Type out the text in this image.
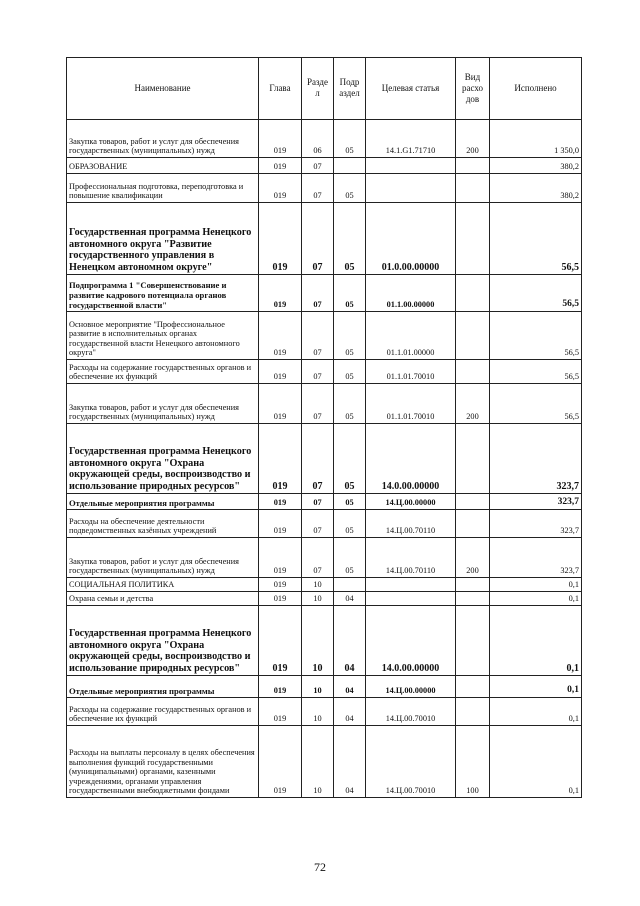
Наименование	Глава	Разде л	Подр аздел	Целевая статья	Вид расхо дов	Исполнено
Закупка товаров, работ и услуг для обеспечения государственных (муниципальных) нужд	019	06	05	14.1.G1.71710	200	1 350,0
ОБРАЗОВАНИЕ	019	07				380,2
Профессиональная подготовка, переподготовка и повышение квалификации	019	07	05			380,2
Государственная программа Ненецкого автономного округа "Развитие государственного управления в Ненецком автономном округе"	019	07	05	01.0.00.00000		56,5
Подпрограмма 1 "Совершенствование и развитие кадрового потенциала органов государственной власти"	019	07	05	01.1.00.00000		56,5
Основное мероприятие "Профессиональное развитие в исполнительных органах государственной власти Ненецкого автономного округа"	019	07	05	01.1.01.00000		56,5
Расходы на содержание государственных органов и обеспечение их функций	019	07	05	01.1.01.70010		56,5
Закупка товаров, работ и услуг для обеспечения государственных (муниципальных) нужд	019	07	05	01.1.01.70010	200	56,5
Государственная программа Ненецкого автономного округа "Охрана окружающей среды, воспроизводство и использование природных ресурсов"	019	07	05	14.0.00.00000		323,7
Отдельные мероприятия программы	019	07	05	14.Ц.00.00000		323,7
Расходы на обеспечение деятельности подведомственных казённых учреждений	019	07	05	14.Ц.00.70110		323,7
Закупка товаров, работ и услуг для обеспечения государственных (муниципальных) нужд	019	07	05	14.Ц.00.70110	200	323,7
СОЦИАЛЬНАЯ ПОЛИТИКА	019	10				0,1
Охрана семьи и детства	019	10	04			0,1
Государственная программа Ненецкого автономного округа "Охрана окружающей среды, воспроизводство и использование природных ресурсов"	019	10	04	14.0.00.00000		0,1
Отдельные мероприятия программы	019	10	04	14.Ц.00.00000		0,1
Расходы на содержание государственных органов и обеспечение их функций	019	10	04	14.Ц.00.70010		0,1
Расходы на выплаты персоналу в целях обеспечения выполнения функций государственными (муниципальными) органами, казенными учреждениями, органами управления государственными внебюджетными фондами	019	10	04	14.Ц.00.70010	100	0,1
72
